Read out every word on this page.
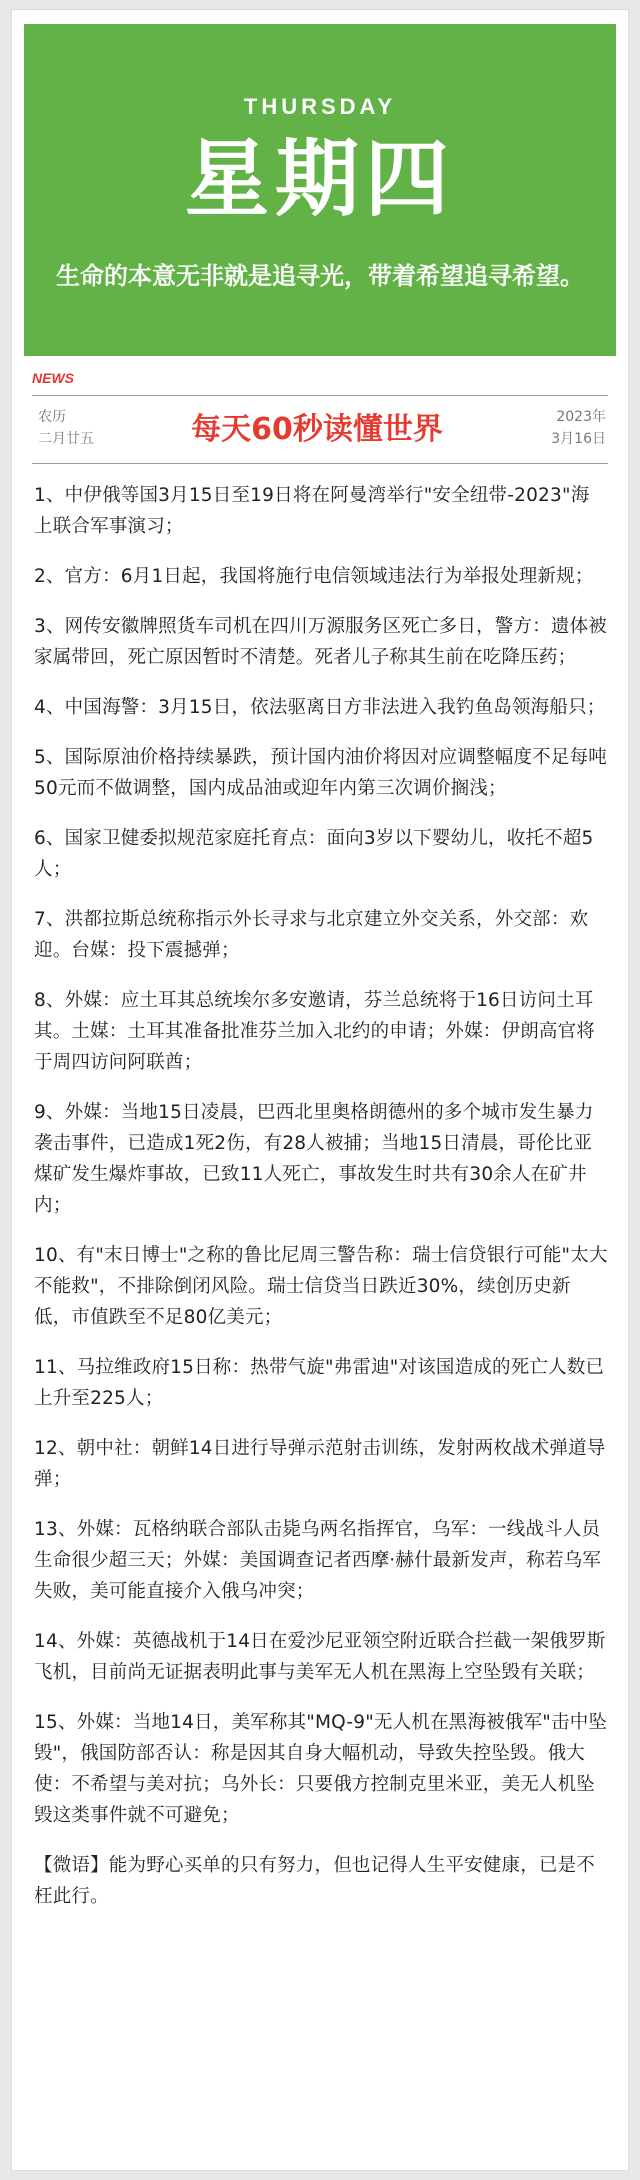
THURSDAY
星期四
生命的本意无非就是追寻光，带着希望追寻希望。
NEWS
农历
二月廿五	每天60秒读懂世界	2023年
3月16日

1、中伊俄等国3月15日至19日将在阿曼湾举行"安全纽带-2023"海上联合军事演习；

2、官方：6月1日起，我国将施行电信领域违法行为举报处理新规；

3、网传安徽牌照货车司机在四川万源服务区死亡多日，警方：遗体被家属带回，死亡原因暂时不清楚。死者儿子称其生前在吃降压药；

4、中国海警：3月15日，依法驱离日方非法进入我钓鱼岛领海船只；

5、国际原油价格持续暴跌，预计国内油价将因对应调整幅度不足每吨50元而不做调整，国内成品油或迎年内第三次调价搁浅；

6、国家卫健委拟规范家庭托育点：面向3岁以下婴幼儿，收托不超5人；

7、洪都拉斯总统称指示外长寻求与北京建立外交关系，外交部：欢迎。台媒：投下震撼弹；

8、外媒：应土耳其总统埃尔多安邀请，芬兰总统将于16日访问土耳其。土媒：土耳其准备批准芬兰加入北约的申请；外媒：伊朗高官将于周四访问阿联酋；

9、外媒：当地15日凌晨，巴西北里奥格朗德州的多个城市发生暴力袭击事件，已造成1死2伤，有28人被捕；当地15日清晨，哥伦比亚煤矿发生爆炸事故，已致11人死亡，事故发生时共有30余人在矿井内；

10、有"末日博士"之称的鲁比尼周三警告称：瑞士信贷银行可能"太大不能救"，不排除倒闭风险。瑞士信贷当日跌近30%，续创历史新低，市值跌至不足80亿美元；

11、马拉维政府15日称：热带气旋"弗雷迪"对该国造成的死亡人数已上升至225人；

12、朝中社：朝鲜14日进行导弹示范射击训练，发射两枚战术弹道导弹；

13、外媒：瓦格纳联合部队击毙乌两名指挥官，乌军：一线战斗人员生命很少超三天；外媒：美国调查记者西摩·赫什最新发声，称若乌军失败，美可能直接介入俄乌冲突；

14、外媒：英德战机于14日在爱沙尼亚领空附近联合拦截一架俄罗斯飞机，目前尚无证据表明此事与美军无人机在黑海上空坠毁有关联；

15、外媒：当地14日，美军称其"MQ-9"无人机在黑海被俄军"击中坠毁"，俄国防部否认：称是因其自身大幅机动，导致失控坠毁。俄大使：不希望与美对抗；乌外长：只要俄方控制克里米亚，美无人机坠毁这类事件就不可避免；

【微语】能为野心买单的只有努力，但也记得人生平安健康，已是不枉此行。
